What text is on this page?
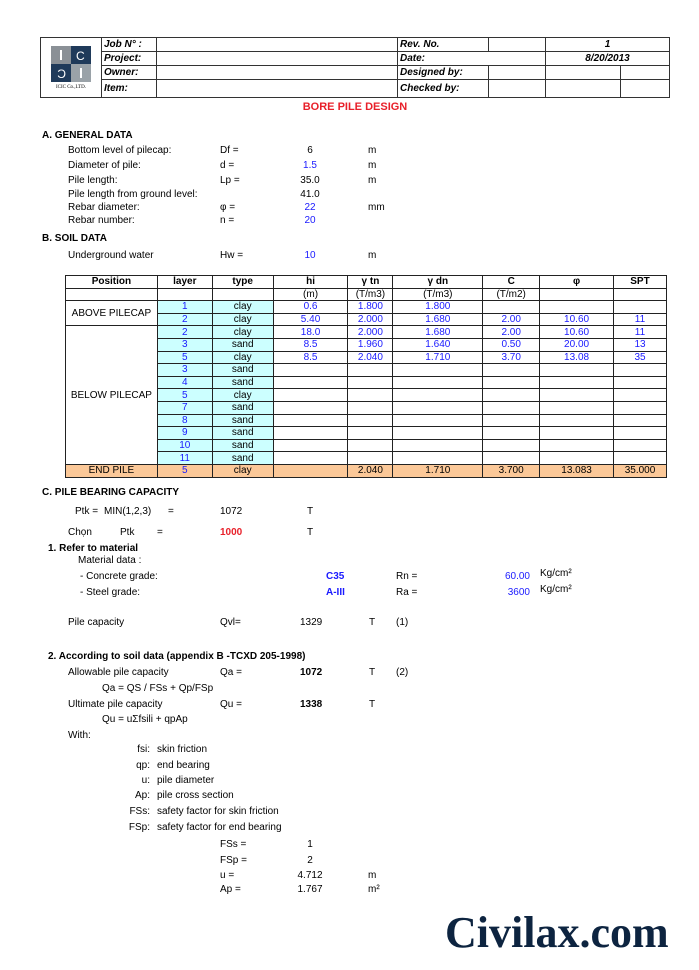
C
C
ICIC Co.,LTD.	Job N° :		Rev. No.		1	
	Project:		Date:		8/20/2013	
	Owner:		Designed by:			
	Item:		Checked by:			
BORE PILE DESIGN
A. GENERAL DATA
Bottom level of pilecap:	Df =	6	m
Diameter of pile:	d =	1.5	m
Pile length:	Lp =	35.0	m
Pile length from ground level:	41.0
Rebar diameter:	φ =	22	mm
Rebar number:	n =	20
B. SOIL DATA
Underground water	Hw =	10	m
Position	layer	type	hi	γ tn	γ dn	C	φ	SPT
			(m)	(T/m3)	(T/m3)	(T/m2)		
ABOVE PILECAP	1	clay	0.6	1.800	1.800			
	2	clay	5.40	2.000	1.680	2.00	10.60	11
BELOW PILECAP	2	clay	18.0	2.000	1.680	2.00	10.60	11
	3	sand	8.5	1.960	1.640	0.50	20.00	13
	5	clay	8.5	2.040	1.710	3.70	13.08	35
	3	sand						
	4	sand						
	5	clay						
	7	sand						
	8	sand						
	9	sand						
	10	sand						
	11	sand						
END PILE	5	clay		2.040	1.710	3.700	13.083	35.000
C. PILE BEARING CAPACITY
Ptk = MIN(1,2,3) =	1072	T
Chọn	Ptk =	1000	T
1. Refer to material
Material data :
- Concrete grade:	C35	Rn =	60.00 Kg/cm²
- Steel grade:	A-III	Ra =	3600 Kg/cm²
Pile capacity	Qvl=	1329	T (1)
2. According to soil data (appendix B -TCXD 205-1998)
Allowable pile capacity	Qa =	1072	T (2)
Qa = QS / FSs + Qp/FSp
Ultimate pile capacity	Qu =	1338	T
Qu = uΣfsili + qpAp
With:
fsi: skin friction
qp: end bearing
u: pile diameter
Ap: pile cross section
FSs: safety factor for skin friction
FSp: safety factor for end bearing
FSs =	1
FSp =	2
u =	4.712	m
Ap =	1.767	m²
Civilax.com
